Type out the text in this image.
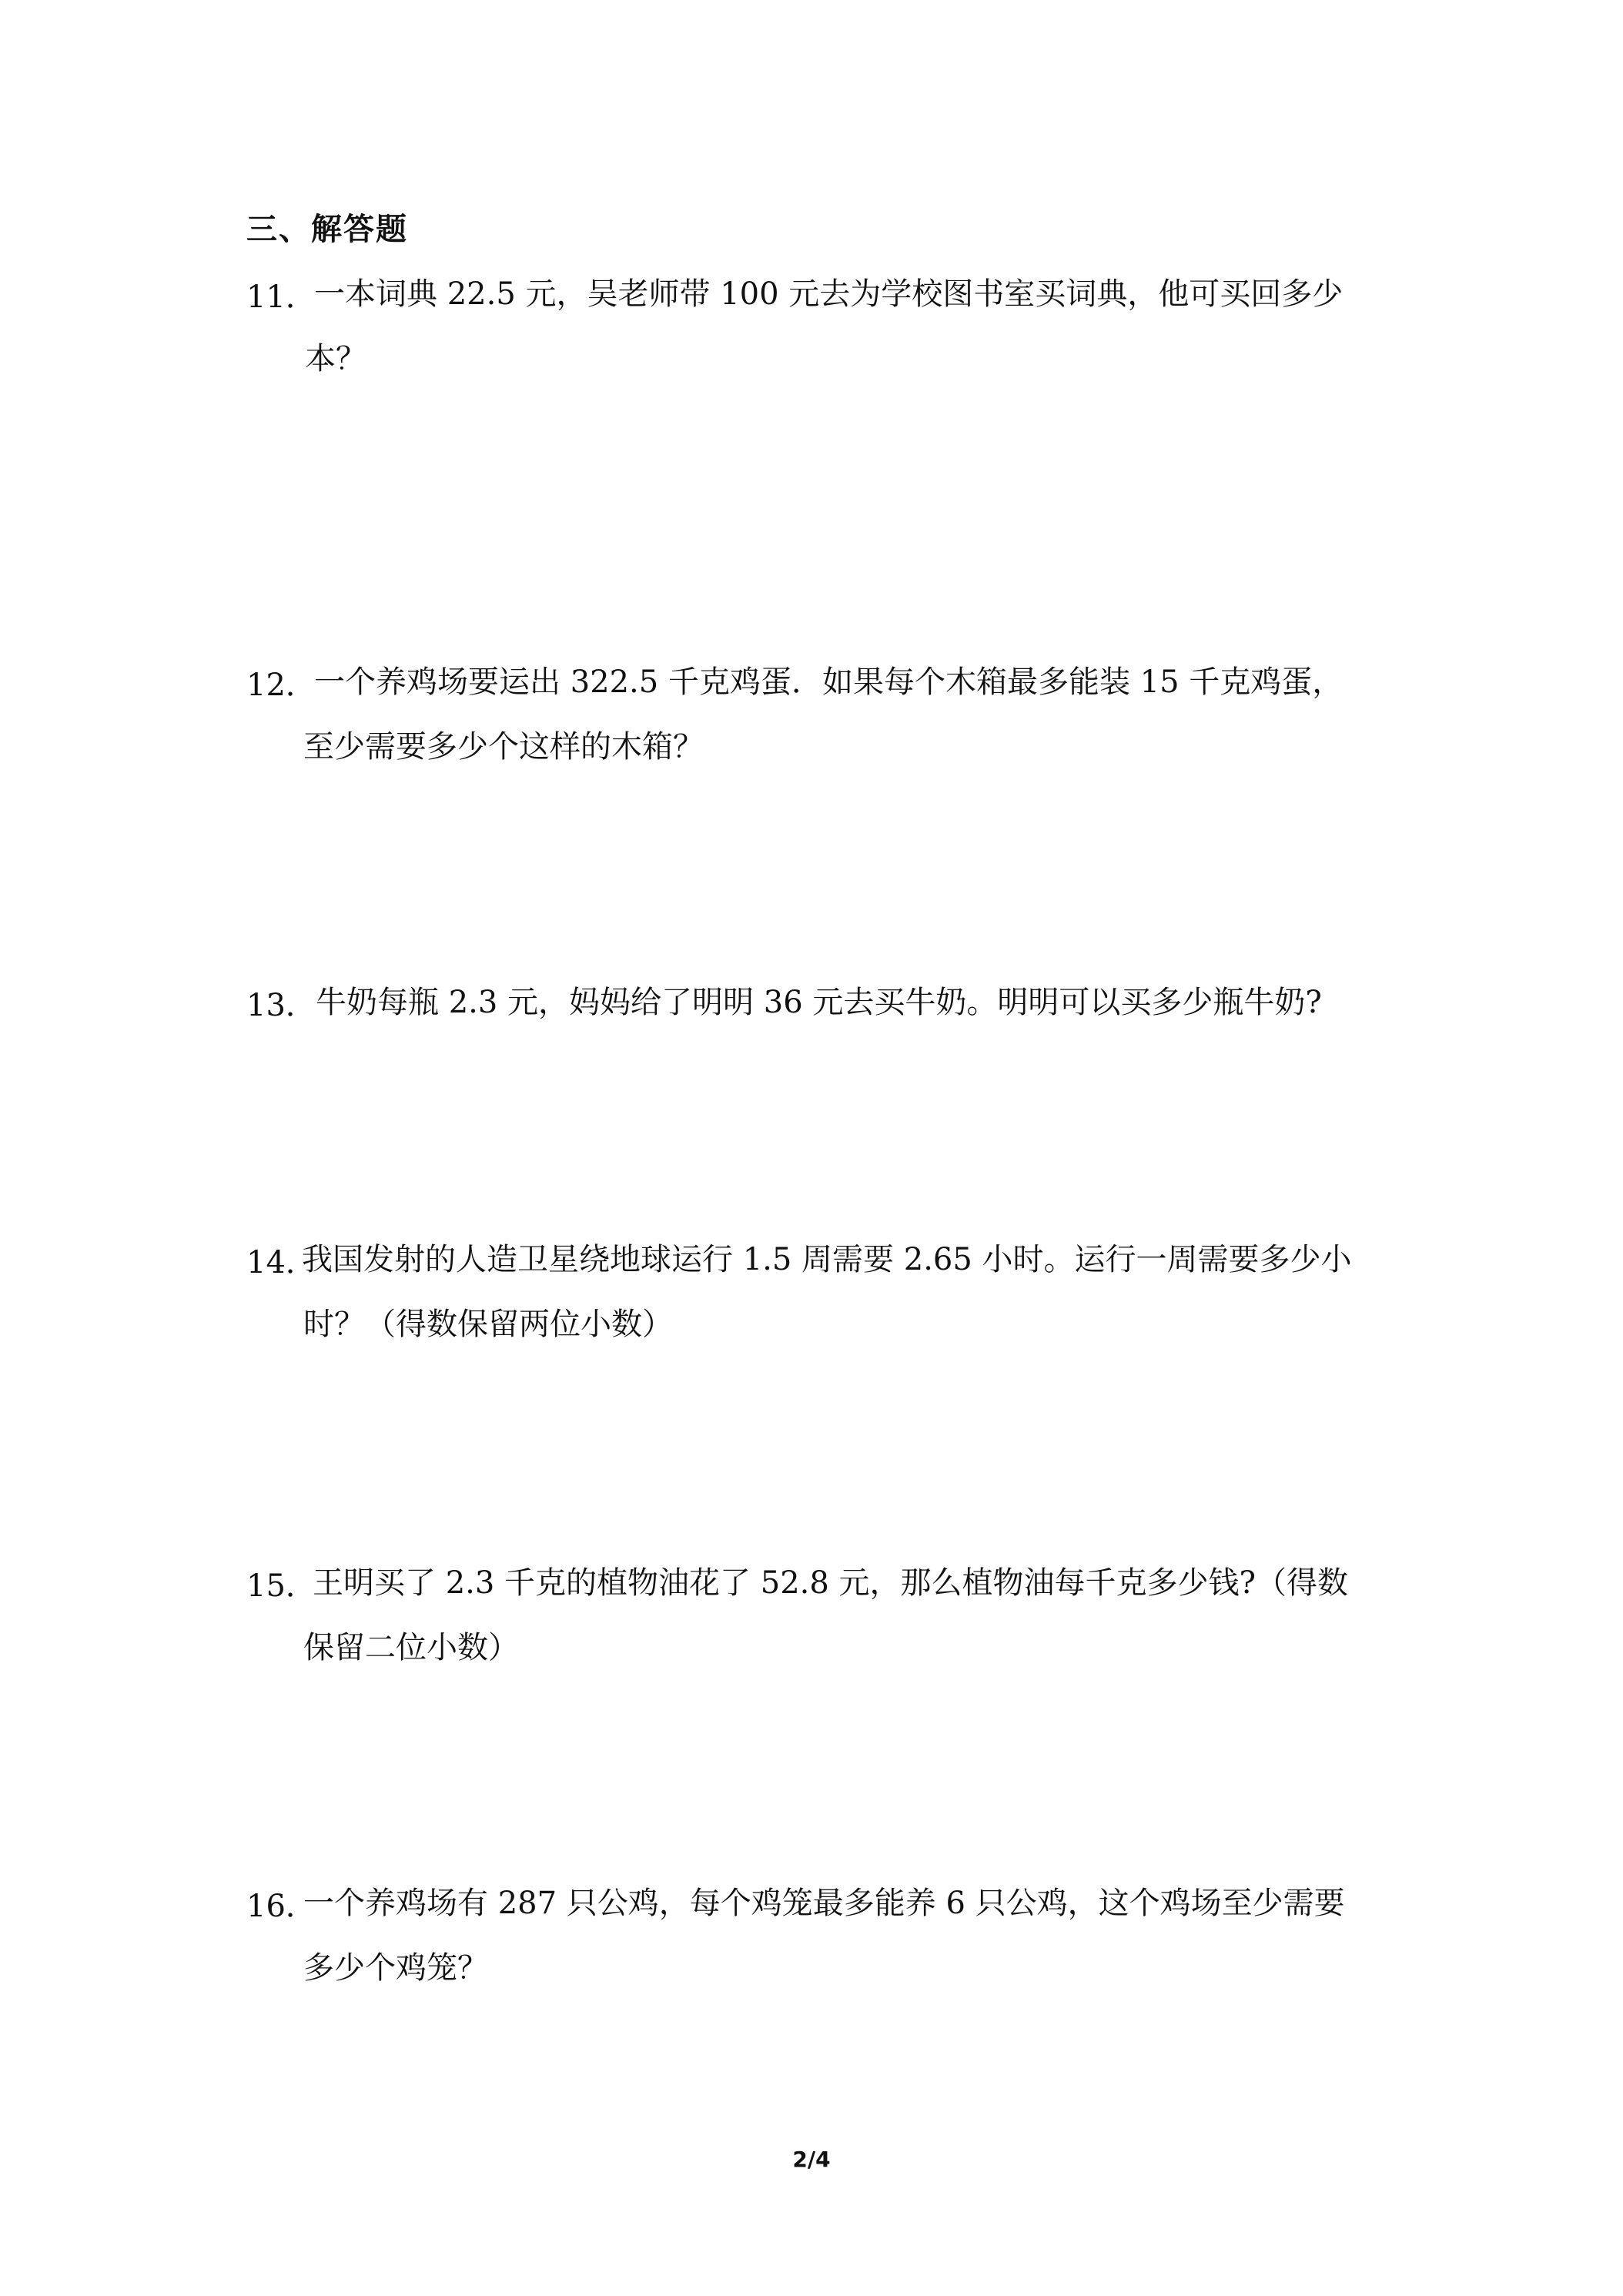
三、解答题
11．
一本词典 22.5 元，吴老师带 100 元去为学校图书室买词典，他可买回多少
本？
12．
一个养鸡场要运出 322.5 千克鸡蛋．如果每个木箱最多能装 15 千克鸡蛋，
至少需要多少个这样的木箱？
13． 牛奶每瓶 2.3 元，妈妈给了明明 36 元去买牛奶。明明可以买多少瓶牛奶?
14．
我国发射的人造卫星绕地球运行 1.5 周需要 2.65 小时。运行一周需要多少小
时？（得数保留两位小数）
15．
王明买了 2.3 千克的植物油花了 52.8 元，那么植物油每千克多少钱?（得数
保留二位小数）
16．
一个养鸡场有 287 只公鸡，每个鸡笼最多能养 6 只公鸡，这个鸡场至少需要
多少个鸡笼？
2/4
